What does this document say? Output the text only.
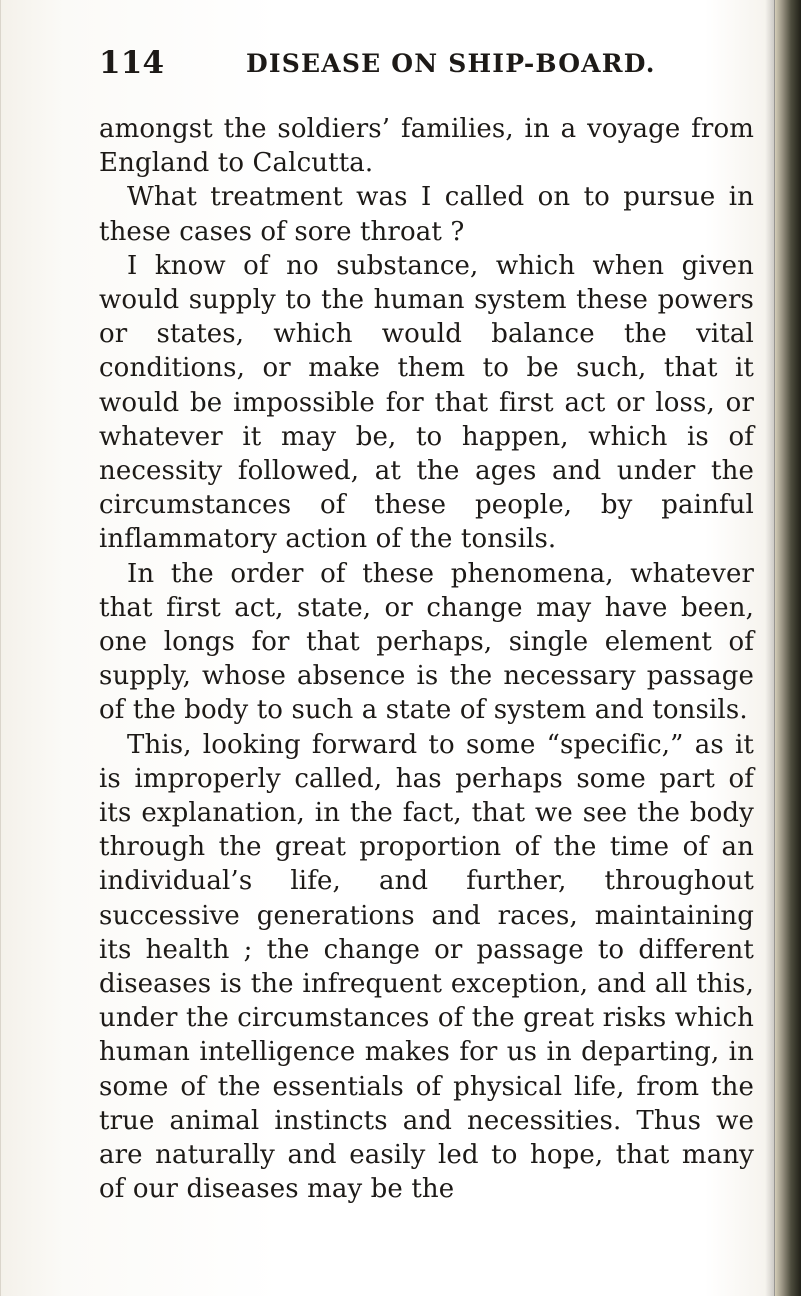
114	DISEASE ON SHIP-BOARD.

amongst the soldiers’ families, in a voyage from England to Calcutta.

What treatment was I called on to pursue in these cases of sore throat ?

I know of no substance, which when given would supply to the human system these powers or states, which would balance the vital conditions, or make them to be such, that it would be impossible for that first act or loss, or whatever it may be, to happen, which is of necessity followed, at the ages and under the circumstances of these people, by painful inflammatory action of the tonsils.

In the order of these phenomena, whatever that first act, state, or change may have been, one longs for that perhaps, single element of supply, whose absence is the necessary passage of the body to such a state of system and tonsils.

This, looking forward to some “specific,” as it is improperly called, has perhaps some part of its explanation, in the fact, that we see the body through the great proportion of the time of an individual’s life, and further, throughout successive generations and races, maintaining its health ; the change or passage to different diseases is the infrequent exception, and all this, under the circumstances of the great risks which human intelligence makes for us in departing, in some of the essentials of physical life, from the true animal instincts and necessities. Thus we are naturally and easily led to hope, that many of our diseases may be the
